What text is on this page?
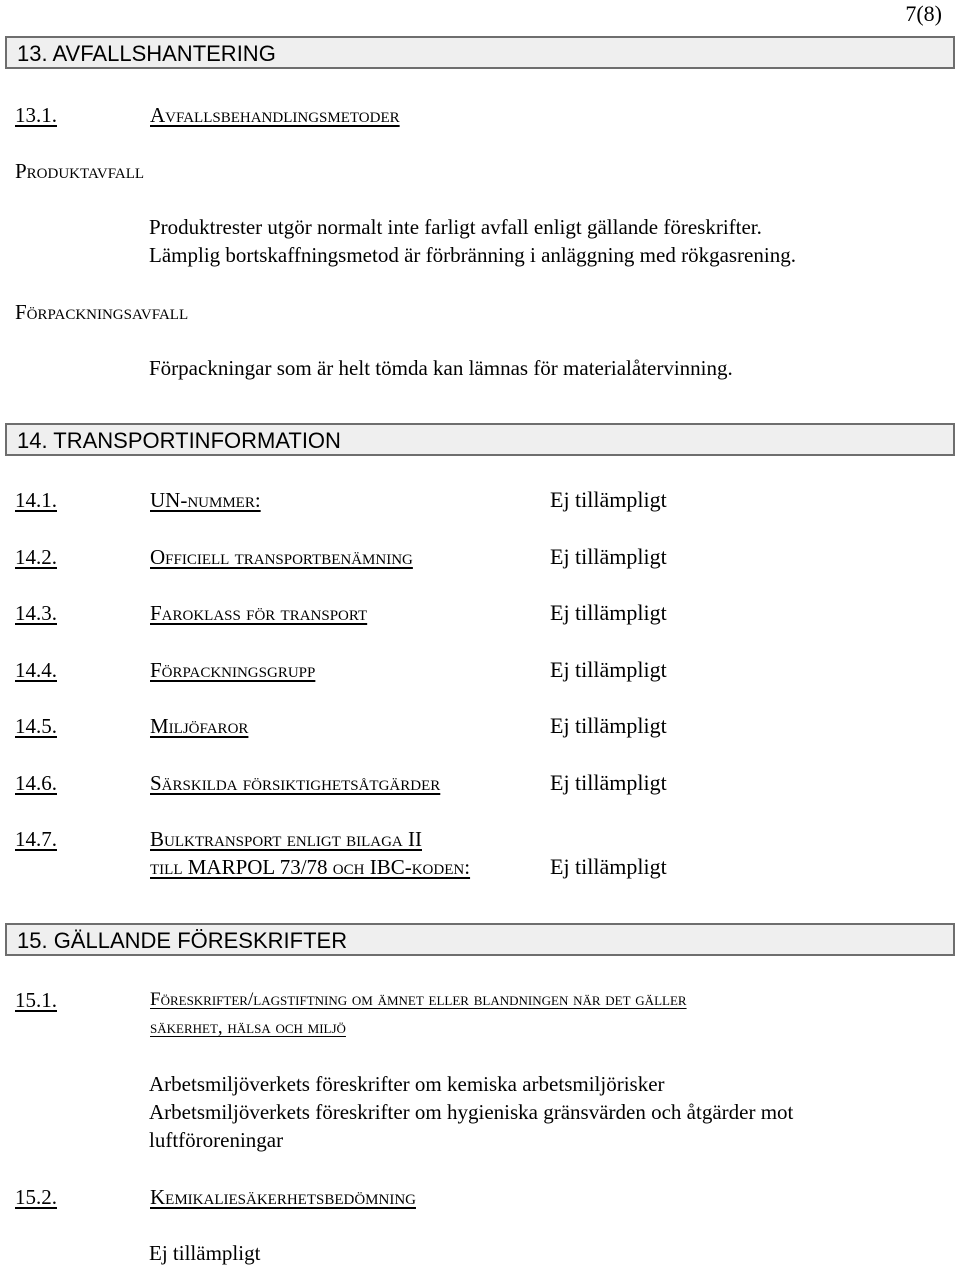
7(8)
13. AVFALLSHANTERING
13.1.	Avfallsbehandlingsmetoder
Produktavfall
Produktrester utgör normalt inte farligt avfall enligt gällande föreskrifter.
Lämplig bortskaffningsmetod är förbränning i anläggning med rökgasrening.
Förpackningsavfall
Förpackningar som är helt tömda kan lämnas för materialåtervinning.
14. TRANSPORTINFORMATION
14.1.	UN-nummer:	Ej tillämpligt
14.2.	Officiell transportbenämning	Ej tillämpligt
14.3.	Faroklass för transport	Ej tillämpligt
14.4.	Förpackningsgrupp	Ej tillämpligt
14.5.	Miljöfaror	Ej tillämpligt
14.6.	Särskilda försiktighetsåtgärder	Ej tillämpligt
14.7.	Bulktransport enligt bilaga II
till MARPOL 73/78 och IBC-koden:	Ej tillämpligt
15. GÄLLANDE FÖRESKRIFTER
15.1.	Föreskrifter/lagstiftning om ämnet eller blandningen när det gäller
säkerhet, hälsa och miljö
Arbetsmiljöverkets föreskrifter om kemiska arbetsmiljörisker
Arbetsmiljöverkets föreskrifter om hygieniska gränsvärden och åtgärder mot
luftföroreningar
15.2.	Kemikaliesäkerhetsbedömning
Ej tillämpligt
